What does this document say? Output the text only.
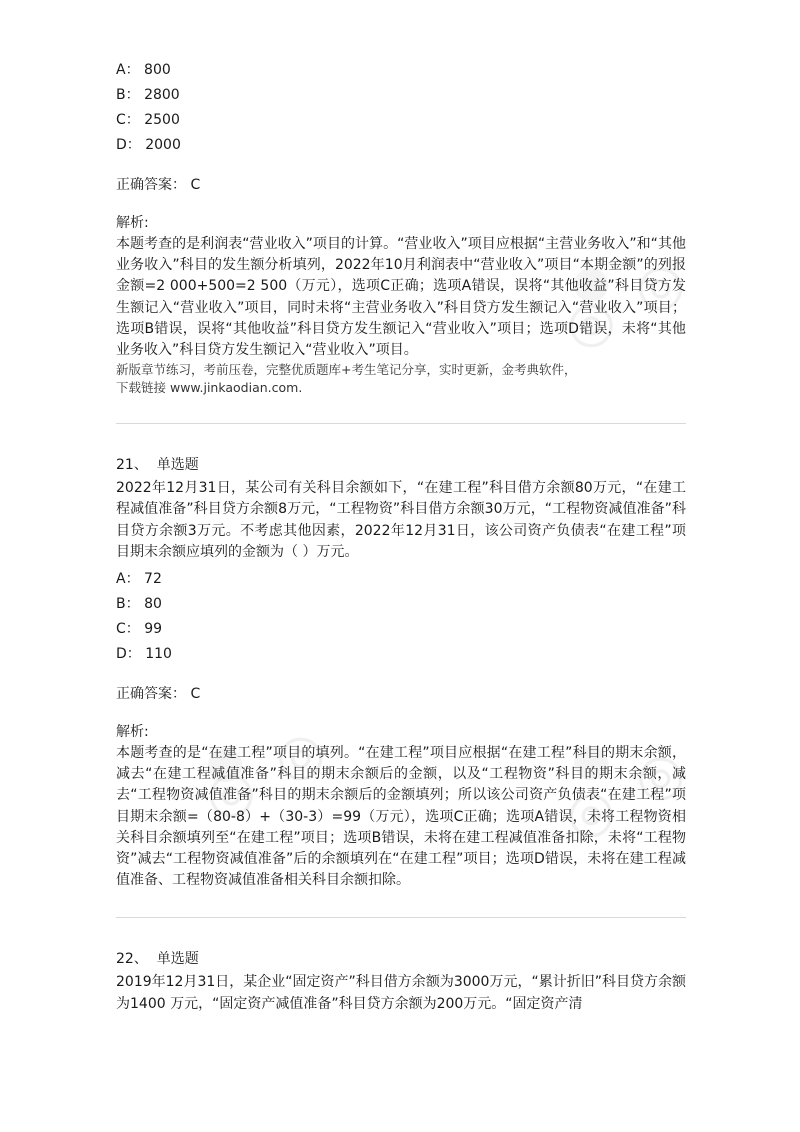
◎ ◎
◎ ◎	◎ ◎
A： 800
B： 2800
C： 2500
D： 2000
正确答案： C
解析:
本题考查的是利润表“营业收入”项目的计算。“营业收入”项目应根据“主营业务收入”和“其他业务收入”科目的发生额分析填列，2022年10月利润表中“营业收入”项目“本期金额”的列报金额=2 000+500=2 500（万元），选项C正确；选项A错误，误将“其他收益”科目贷方发生额记入“营业收入”项目，同时未将“主营业务收入”科目贷方发生额记入“营业收入”项目；选项B错误，误将“其他收益”科目贷方发生额记入“营业收入”项目；选项D错误，未将“其他业务收入”科目贷方发生额记入“营业收入”项目。
新版章节练习，考前压卷，完整优质题库+考生笔记分享，实时更新，金考典软件，
下载链接 www.jinkaodian.com.
21、 单选题
2022年12月31日，某公司有关科目余额如下，“在建工程”科目借方余额80万元，“在建工程减值准备”科目贷方余额8万元，“工程物资”科目借方余额30万元，“工程物资减值准备”科目贷方余额3万元。不考虑其他因素，2022年12月31日，该公司资产负债表“在建工程”项目期末余额应填列的金额为（ ）万元。
A： 72
B： 80
C： 99
D： 110
正确答案： C
解析:
本题考查的是“在建工程”项目的填列。“在建工程”项目应根据“在建工程”科目的期末余额，减去“在建工程减值准备”科目的期末余额后的金额，以及“工程物资”科目的期末余额，减去“工程物资减值准备”科目的期末余额后的金额填列；所以该公司资产负债表“在建工程”项目期末余额=（80-8）+（30-3）=99（万元），选项C正确；选项A错误，未将工程物资相关科目余额填列至“在建工程”项目；选项B错误，未将在建工程减值准备扣除，未将“工程物资”减去“工程物资减值准备”后的余额填列在“在建工程”项目；选项D错误，未将在建工程减值准备、工程物资减值准备相关科目余额扣除。
22、 单选题
2019年12月31日，某企业“固定资产”科目借方余额为3000万元，“累计折旧”科目贷方余额为1400 万元，“固定资产减值准备”科目贷方余额为200万元。“固定资产清
